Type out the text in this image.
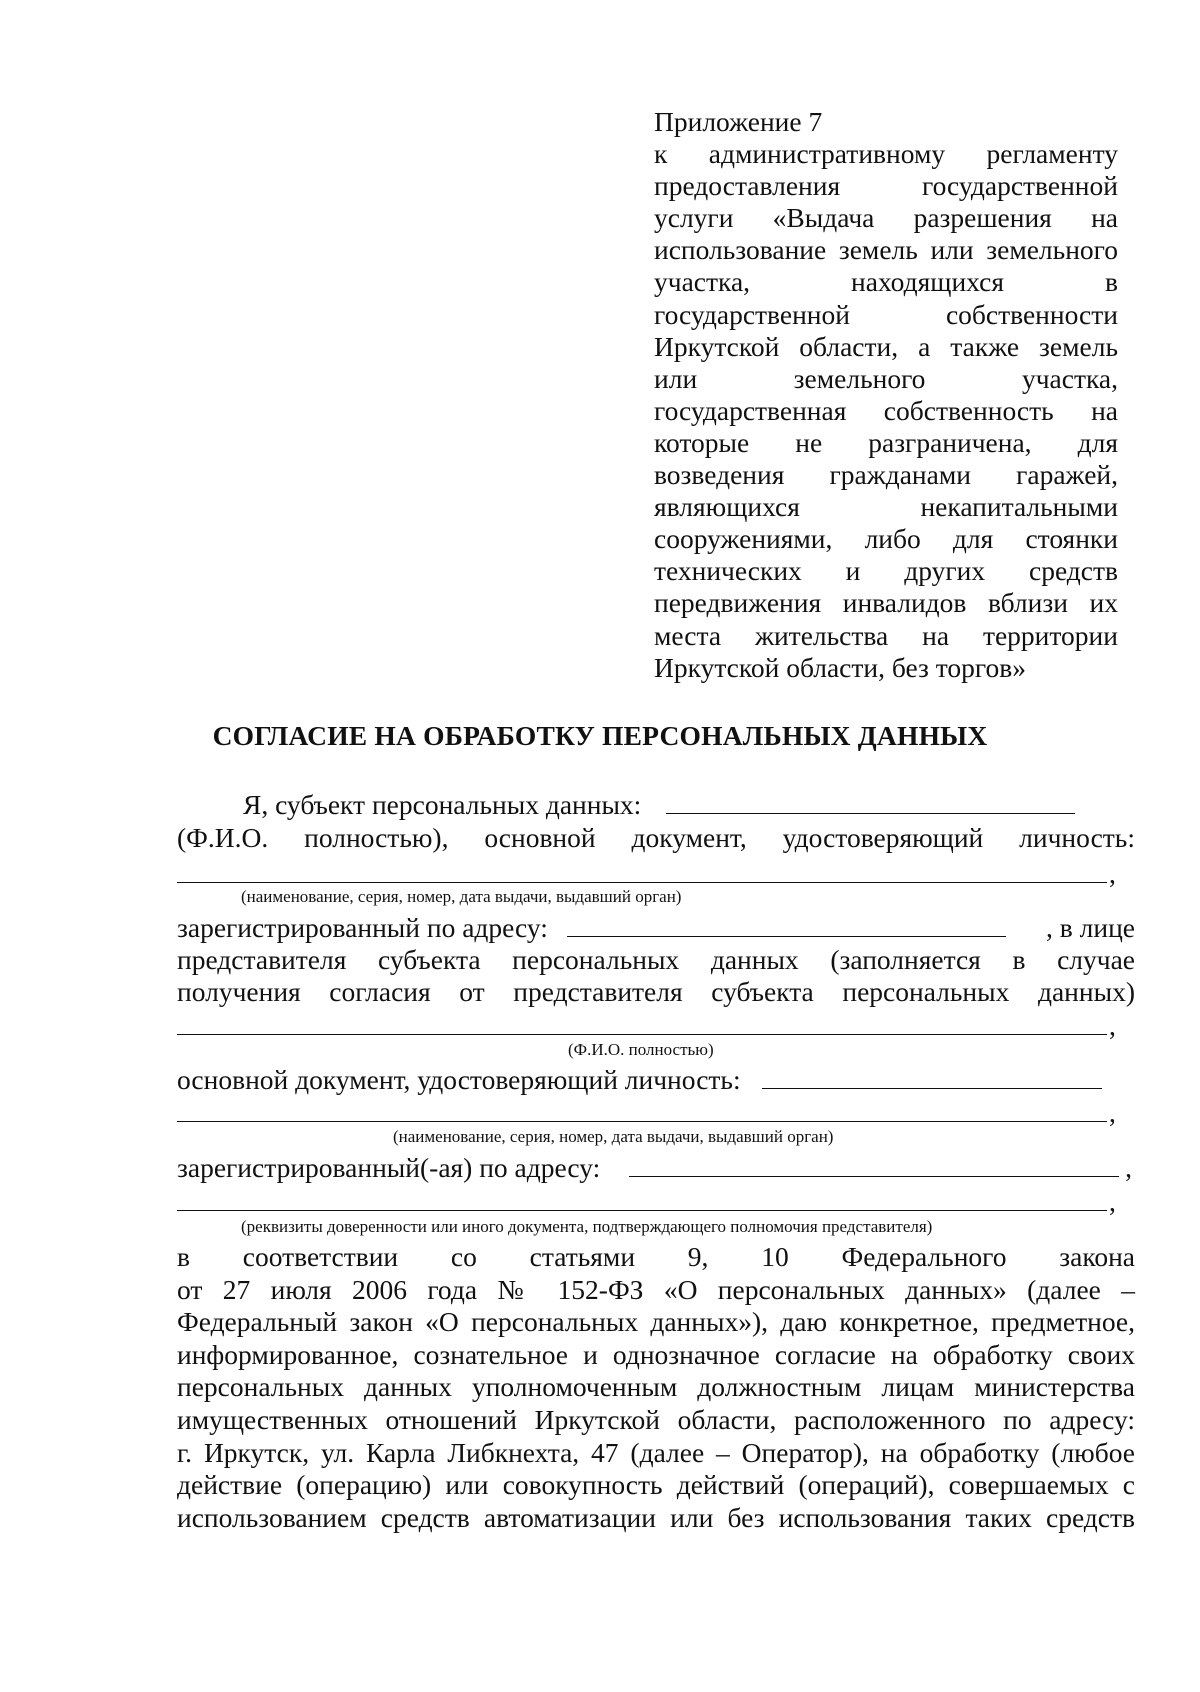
Приложение 7
к административному регламенту
предоставления государственной
услуги «Выдача разрешения на
использование земель или земельного
участка, находящихся в
государственной собственности
Иркутской области, а также земель
или земельного участка,
государственная собственность на
которые не разграничена, для
возведения гражданами гаражей,
являющихся некапитальными
сооружениями, либо для стоянки
технических и других средств
передвижения инвалидов вблизи их
места жительства на территории
Иркутской области, без торгов»
СОГЛАСИЕ НА ОБРАБОТКУ ПЕРСОНАЛЬНЫХ ДАННЫХ
Я, субъект персональных данных:
(Ф.И.О. полностью), основной документ, удостоверяющий личность:
,
(наименование, серия, номер, дата выдачи, выдавший орган)
зарегистрированный по адресу:	, в лице
представителя субъекта персональных данных (заполняется в случае
получения согласия от представителя субъекта персональных данных)
,
(Ф.И.О. полностью)
основной документ, удостоверяющий личность:
,
(наименование, серия, номер, дата выдачи, выдавший орган)
зарегистрированный(-ая) по адресу:	,
,
(реквизиты доверенности или иного документа, подтверждающего полномочия представителя)
в соответствии со статьями 9, 10 Федерального закона
от 27 июля 2006 года № 152-ФЗ «О персональных данных» (далее –
Федеральный закон «О персональных данных»), даю конкретное, предметное,
информированное, сознательное и однозначное согласие на обработку своих
персональных данных уполномоченным должностным лицам министерства
имущественных отношений Иркутской области, расположенного по адресу:
г. Иркутск, ул. Карла Либкнехта, 47 (далее – Оператор), на обработку (любое
действие (операцию) или совокупность действий (операций), совершаемых с
использованием средств автоматизации или без использования таких средств
